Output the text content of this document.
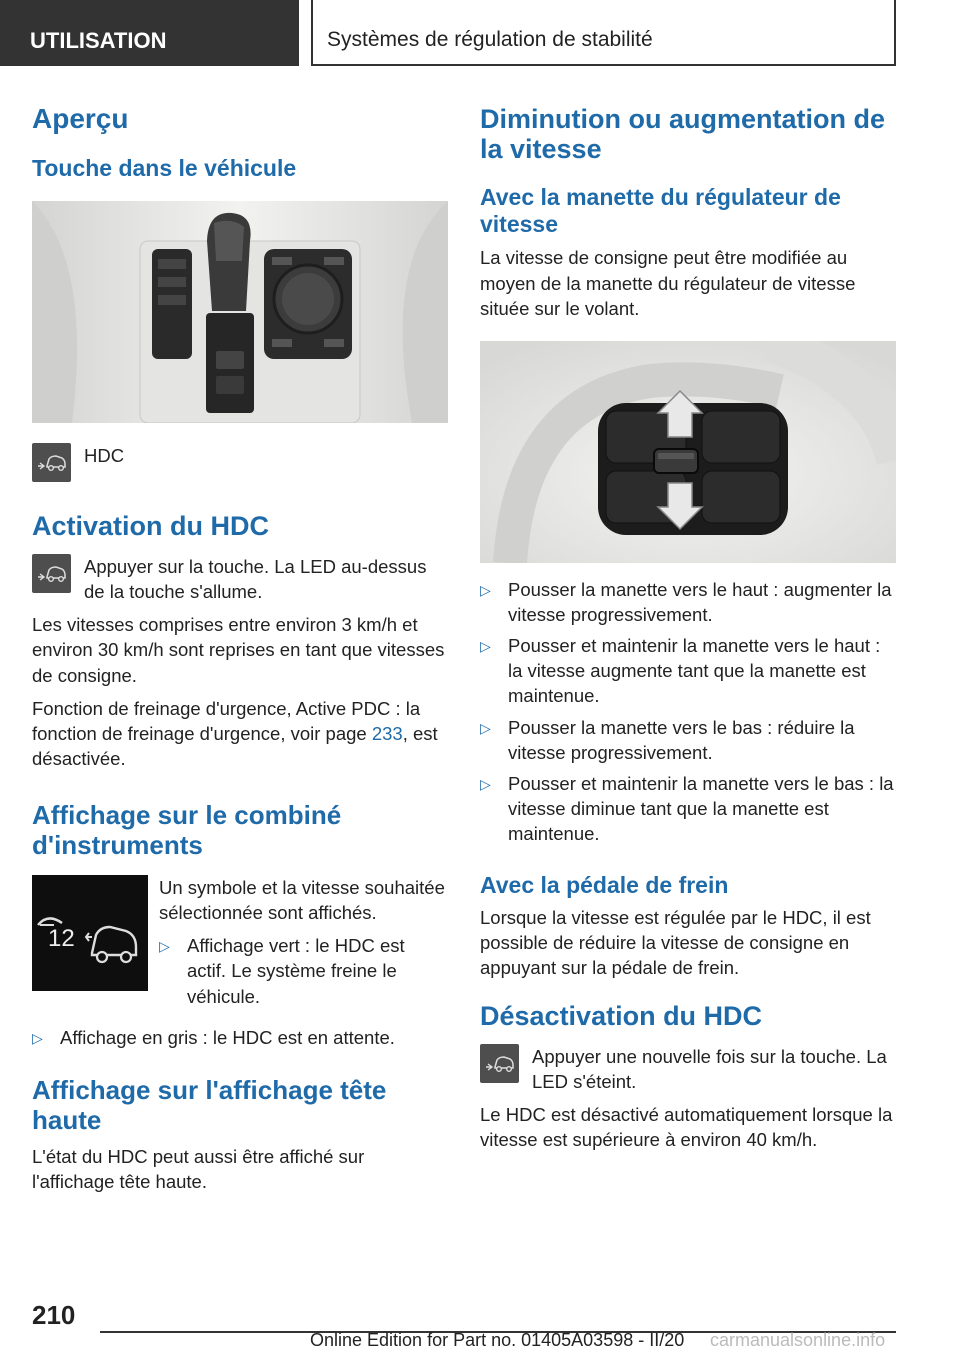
UTILISATION	Systèmes de régulation de stabilité
Aperçu
Touche dans le véhicule
HDC
Activation du HDC

Appuyer sur la touche. La LED au-dessus de la touche s'allume.

Les vitesses comprises entre environ 3 km/h et environ 30 km/h sont reprises en tant que vitesses de consigne.

Fonction de freinage d'urgence, Active PDC : la fonction de freinage d'urgence, voir page 233, est désactivée.

Affichage sur le combiné d'instruments
12

Un symbole et la vitesse souhaitée sélectionnée sont affichés.

▷ Affichage vert : le HDC est actif. Le système freine le véhicule.
▷ Affichage en gris : le HDC est en attente.
Affichage sur l'affichage tête haute

L'état du HDC peut aussi être affiché sur l'affichage tête haute.

Diminution ou augmentation de la vitesse
Avec la manette du régulateur de vitesse

La vitesse de consigne peut être modifiée au moyen de la manette du régulateur de vitesse située sur le volant.

▷ Pousser la manette vers le haut : augmenter la vitesse progressivement.
▷ Pousser et maintenir la manette vers le haut : la vitesse augmente tant que la manette est maintenue.
▷ Pousser la manette vers le bas : réduire la vitesse progressivement.
▷ Pousser et maintenir la manette vers le bas : la vitesse diminue tant que la manette est maintenue.
Avec la pédale de frein

Lorsque la vitesse est régulée par le HDC, il est possible de réduire la vitesse de consigne en appuyant sur la pédale de frein.

Désactivation du HDC

Appuyer une nouvelle fois sur la touche. La LED s'éteint.

Le HDC est désactivé automatiquement lorsque la vitesse est supérieure à environ 40 km/h.

210
Online Edition for Part no. 01405A03598 - II/20 carmanualsonline.info
